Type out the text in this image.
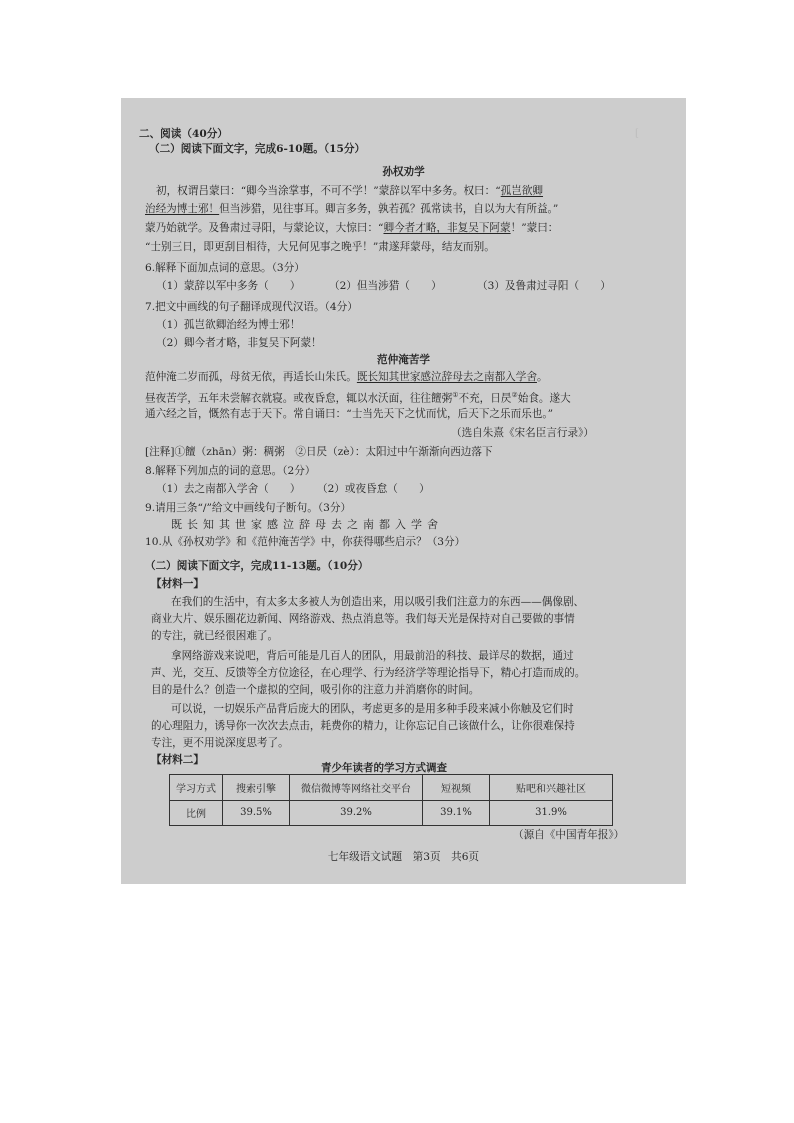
[
二、阅读（40分）
（二）阅读下面文字，完成6-10题。（15分）
孙权劝学
初，权谓吕蒙曰：“卿今当涂掌事，不可不学！”蒙辞以军中多务。权曰：“孤岂欲卿
治经为博士邪！但当涉猎，见往事耳。卿言多务，孰若孤？孤常读书，自以为大有所益。”
蒙乃始就学。及鲁肃过寻阳，与蒙论议，大惊曰：“卿今者才略，非复吴下阿蒙！”蒙曰：
“士别三日，即更刮目相待，大兄何见事之晚乎！”肃遂拜蒙母，结友而别。
6.解释下面加点词的意思。（3分）
（1）蒙辞以军中多务（　　）	（2）但当涉猎（　　）	（3）及鲁肃过寻阳（　　）
7.把文中画线的句子翻译成现代汉语。（4分）
（1）孤岂欲卿治经为博士邪！
（2）卿今者才略，非复吴下阿蒙！
范仲淹苦学
范仲淹二岁而孤，母贫无依，再适长山朱氏。既长知其世家感泣辞母去之南都入学舍。
昼夜苦学，五年未尝解衣就寝。或夜昏怠，辄以水沃面，往往饘粥①不充，日昃②始食。遂大
通六经之旨，慨然有志于天下。常自诵曰：“士当先天下之忧而忧，后天下之乐而乐也。”
（选自朱熹《宋名臣言行录》）
[注释]①饘（zhān）粥：稠粥　②日昃（zè）：太阳过中午渐渐向西边落下
8.解释下列加点的词的意思。（2分）
（1）去之南都入学舍（　　） （2）或夜昏怠（　　）
9.请用三条“/”给文中画线句子断句。（3分）
既长知其世家感泣辞母去之南都入学舍
10.从《孙权劝学》和《范仲淹苦学》中，你获得哪些启示？（3分）
（二）阅读下面文字，完成11-13题。（10分）
【材料一】
在我们的生活中，有太多太多被人为创造出来，用以吸引我们注意力的东西——偶像剧、
商业大片、娱乐圈花边新闻、网络游戏、热点消息等。我们每天光是保持对自己要做的事情
的专注，就已经很困难了。
拿网络游戏来说吧，背后可能是几百人的团队，用最前沿的科技、最详尽的数据，通过
声、光，交互、反馈等全方位途径，在心理学、行为经济学等理论指导下，精心打造而成的。
目的是什么？创造一个虚拟的空间，吸引你的注意力并消磨你的时间。
可以说，一切娱乐产品背后庞大的团队，考虑更多的是用多种手段来减小你触及它们时
的心理阻力，诱导你一次次去点击，耗费你的精力，让你忘记自己该做什么，让你很难保持
专注，更不用说深度思考了。
【材料二】
青少年读者的学习方式调查
学习方式	搜索引擎	微信微博等网络社交平台	短视频	贴吧和兴趣社区
比例	39.5%	39.2%	39.1%	31.9%
（源自《中国青年报》）
七年级语文试题　第3页　共6页
